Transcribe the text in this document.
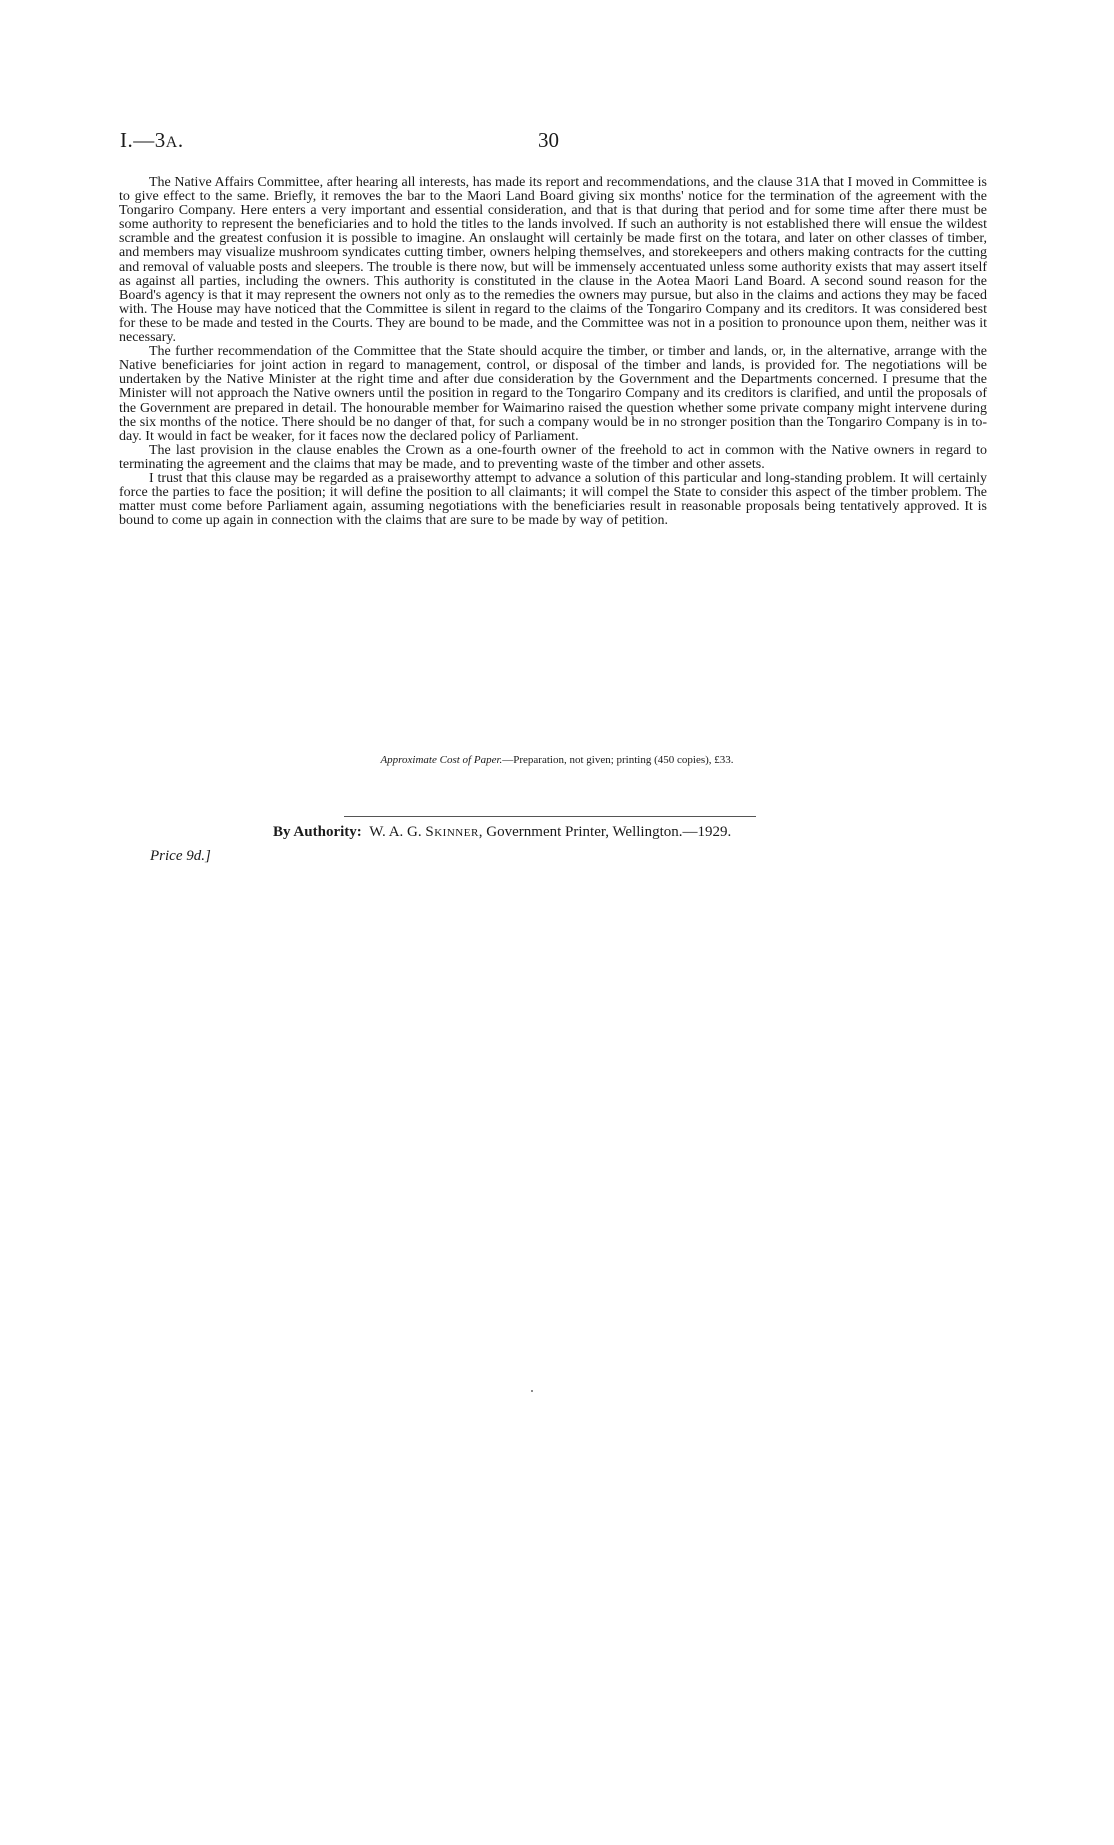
I.—3A.	30

The Native Affairs Committee, after hearing all interests, has made its report and recommendations, and the clause 31A that I moved in Committee is to give effect to the same. Briefly, it removes the bar to the Maori Land Board giving six months' notice for the termination of the agreement with the Tongariro Company. Here enters a very important and essential consideration, and that is that during that period and for some time after there must be some authority to represent the beneficiaries and to hold the titles to the lands involved. If such an authority is not established there will ensue the wildest scramble and the greatest confusion it is possible to imagine. An onslaught will certainly be made first on the totara, and later on other classes of timber, and members may visualize mushroom syndicates cutting timber, owners helping themselves, and storekeepers and others making contracts for the cutting and removal of valuable posts and sleepers. The trouble is there now, but will be immensely accentuated unless some authority exists that may assert itself as against all parties, including the owners. This authority is constituted in the clause in the Aotea Maori Land Board. A second sound reason for the Board's agency is that it may represent the owners not only as to the remedies the owners may pursue, but also in the claims and actions they may be faced with. The House may have noticed that the Committee is silent in regard to the claims of the Tongariro Company and its creditors. It was considered best for these to be made and tested in the Courts. They are bound to be made, and the Committee was not in a position to pronounce upon them, neither was it necessary.

The further recommendation of the Committee that the State should acquire the timber, or timber and lands, or, in the alternative, arrange with the Native beneficiaries for joint action in regard to management, control, or disposal of the timber and lands, is provided for. The negotiations will be undertaken by the Native Minister at the right time and after due consideration by the Government and the Departments concerned. I presume that the Minister will not approach the Native owners until the position in regard to the Tongariro Company and its creditors is clarified, and until the proposals of the Government are prepared in detail. The honourable member for Waimarino raised the question whether some private company might intervene during the six months of the notice. There should be no danger of that, for such a company would be in no stronger position than the Tongariro Company is in to-day. It would in fact be weaker, for it faces now the declared policy of Parliament.

The last provision in the clause enables the Crown as a one-fourth owner of the freehold to act in common with the Native owners in regard to terminating the agreement and the claims that may be made, and to preventing waste of the timber and other assets.

I trust that this clause may be regarded as a praiseworthy attempt to advance a solution of this particular and long-standing problem. It will certainly force the parties to face the position; it will define the position to all claimants; it will compel the State to consider this aspect of the timber problem. The matter must come before Parliament again, assuming negotiations with the beneficiaries result in reasonable proposals being tentatively approved. It is bound to come up again in connection with the claims that are sure to be made by way of petition.

Approximate Cost of Paper.—Preparation, not given; printing (450 copies), £33.
By Authority: W. A. G. Skinner, Government Printer, Wellington.—1929.
Price 9d.]
